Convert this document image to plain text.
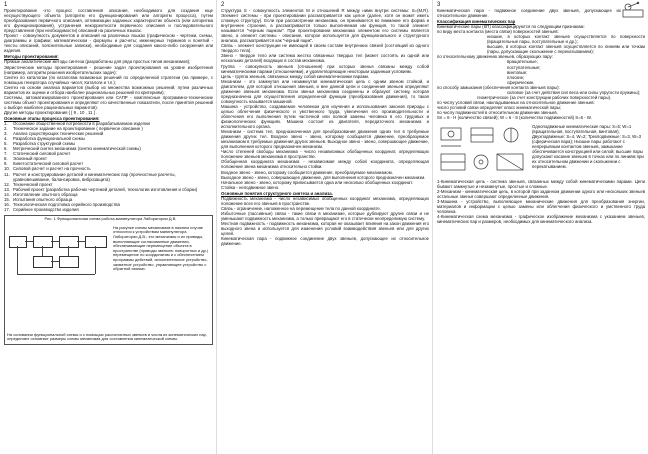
1

Проектирование -это процесс составления описания, необходимого для создания еще несуществующего объекта (алгоритм его функционирования или алгоритм процесса), путем преобразования первичного описания, оптимизации заданных характеристик объекта (или алгоритма его функционирования), устранения некорректности первичного описания и последовательного представления (при необходимости) описаний на различных языках.

Проект - совокупность документов и описаний на различных языках (графическом - чертежи, схемы, диаграммы и графики; математическом - формулы и расчеты; инженерных терминов и понятий - тексты описаний, пояснительные записки), необходимые для создания какого-либо сооружения или изделия.

Методы проектирования:

Прямые аналитические методы синтеза (разработаны для ряда простых типов механизмов);

Эвристические методы проектирования - решение задач проектирования на уровне изобретения (например, алгоритм решения изобретательских задач);

Синтез по каталогам (по каталогам возможных решений по определенной стратегии (на примере, с помощью генератора случайных чисел; Каталоги и т.п.);

Синтез на основе анализа вариантов (выбор из множества возможных решений; путем различных вариантов их оценки и отбора наиболее рациональных решений по критериям);

Системы, автоматизированного проектирования или САПР - комплексные программно-технические системы объект проектирования и определяют его качественные показатели, после принятия решений о выборе наиболее рациональных вариантов).

Другие методы проектирования ( [ 9 , 10 , 11 ] .

Основные этапы процесса проектирования:

1.	Осознание общественной потребности в разрабатываемом изделии
2.	Техническое задание на проектирование ( первичное описание )
3.	Анализ существующих технических решений
4.	Разработка функциональной схемы
5.	Разработка структурной схемы
6.	Метрический синтез механизма (синтез кинематической схемы)
7.	Статический силовой расчет
8.	Эскизный проект
9.	Кинетостатический силовой расчет
10. Силовой расчет и расчет на прочность
11. Расчет и конструирование деталей и кинематических пар (прочностные расчеты, уравновешивание, балансировка, виброзащита)
12. Технический проект
13. Рабочий проект (разработка рабочих чертежей деталей, технологии изготовления и сборки)
14. Изготовление опытного образца
15. Испытания опытного образца
16. Технологическая подготовка серийного производства
17. Серийное производство изделия
Рис. 1 Функциональная схема робота-манипулятора Лаборатории Д.В.
На рисунке схемы механизмов в нижнем случае относятся к устройствам манипулятора Лаборатории Д.В.; это механизмы и их приводы, выполняющие согласованные движения, обеспечивающие перемещение объекта в пространстве (приводы звеньев: поворотных и др.) перемещение по координатам и с обеспечением программы действий, исполнительное устройство, захватное устройство, управляющее устройство с обратной связью.
На основании функциональной схемы и с помощью рассчитанных звеньев и числа их кинематических пар, определяют основные размеры схемы механизма для составления кинематической схемы.
2

Структура S - совокупность элементов М и отношений R между ними внутри системы: S=(M,R). Элемент системы - при проектировании рассматривается как целое (далее, хотя он может иметь сложную структуру). Если при рассмотрении механизма, он принимается во внимание его форма и внутреннее строение, а рассматривается только выполняемая им функция, то такой элемент называется "черным ящиком". При проектировании механизма элементом его системы является звено, а элемент системы - описание, которое используется для функционального и структурного анализа, рассматривается как "черный ящик".

Связь - элемент конструкции не имеющей в своем составе внутренних связей (состоящий из одного твердого тела).

Звено - твердое тело или система жестко связанных твердых тел (может состоять из одной или нескольких деталей) входящих в состав механизма.

Группа - совокупность звеньев (отношения) при которых звенья связаны между собой кинематическими парами (отношениями), и удовлетворяющие некоторым заданным условиям.

Цепь - группа звеньев, связанных между собой кинематическими парами.

Механизм - это замкнутая или незамкнутая кинематическая цепь с одним звеном стойкой, и двигателем, для которой отношения звеньев, и вне данной цепи и соединения звеньев определяют движение звеньев механизма. Если звенья механизма соединены и образуют систему, которая предназначена для осуществления определенной функции (преобразования движения), то такая совокупность называется машиной.

Машина - устройство, создаваемое человеком для изучения и использования законов природы с целью облегчения физического и умственного труда, увеличения его производительности и облегчения его выполнения путем частичной или полной замены человека в его трудовых и физиологических функциях. Машина состоит из двигателя, передаточного механизма и исполнительного органа.

Механизм - система тел, предназначенная для преобразования движения одних тел в требуемые движения других тел. Входное звено - звено, которому сообщается движение, преобразуемое механизмом в требуемые движения других звеньев. Выходное звено - звено, совершающее движение, для выполнения которого предназначен механизм.

Число степеней свободы механизма - число независимых обобщенных координат, определяющих положение звеньев механизма в пространстве.

Обобщенная координата механизма - независимая между собой координата, определяющая положение звена механизма относительно стойки.

Входное звено - звено, которому сообщается движение, преобразуемое механизмом.

Выходное звено - звено, совершающее движение, для выполнения которого предназначен механизм.

Начальное звено - звено, которому приписывается одна или несколько обобщенных координат.

Стойка - неподвижное звено.

Основные понятия структурного синтеза и анализа.

Подвижность механизма - число независимых обобщенных координат механизма, определяющих положение всех его звеньев в пространстве.

Связь - ограничение, наложенное на перемещение тела по данной координате.

Избыточные (пассивные) связи - такие связи в механизме, которые дублируют другие связи и не уменьшают подвижность механизма, а только превращают его в статически неопределимую систему.

Местная подвижность - подвижность механизма, которая не оказывает влияния на закон движения его выходного звена и используется для изменения условий взаимодействия звеньев или для других целей.

Кинематическая пара - подвижное соединение двух звеньев, допускающее их относительное движение.

3

Кинематическая пара - подвижное соединение двух звеньев, допускающее их относительное движение.

Классификация кинематических пар

Кинематические пары (КП) классифицируются по следующим признакам:

по виду места контакта (места связи) поверхностей звеньев:

низшие, в которых контакт звеньев осуществляется по поверхности (вращательные пары, поступательные и др.);

высшие, в которых контакт звеньев осуществляется по линиям или точкам (пары, допускающие скольжение с перекатыванием);

по относительному движению звеньев, образующих пару:

вращательные;

поступательные;

винтовые;

плоские;

сферические.

по способу замыкания (обеспечения контакта звеньев пары):

силовое (за счет действия сил веса или силы упругости пружины);

геометрическое (за счет конструкции рабочих поверхностей пары).

по числу условий связи, накладываемых на относительное движение звеньев:

число условий связи определяет класс кинематической пары;

по числу подвижностей в относительном движении звеньев.

Sп = 6 - Н (количество связей); W = 6 - S (количество подвижностей) S=6 - W.

Одноподвижные кинематические пары: S=5; W=1 (вращательная, поступательная, винтовая); Двухподвижные: S=4, W=2; Трехподвижные: S=3, W=3 (сферическая пара); Низшие пары работают с непрерывным контактом звеньев, замыкание обеспечивается конструкцией или силой; высшие пары допускают касание звеньев в точках или по линиям при их относительном движении и скольжении с перекатыванием.

1-Кинематическая цепь - система звеньев, связанных между собой кинематическими парами. Цепи бывают замкнутые и незамкнутые, простые и сложные.

2-Механизм - кинематическая цепь, в которой при заданном движении одного или нескольких звеньев остальные звенья совершают определенные движения.

3-Машина - устройство, выполняющее механические движения для преобразования энергии, материалов и информации с целью замены или облегчения физического и умственного труда человека.

4-Кинематическая схема механизма - графическое изображение механизма с указанием звеньев, кинематических пар и размеров, необходимых для кинематического анализа.
